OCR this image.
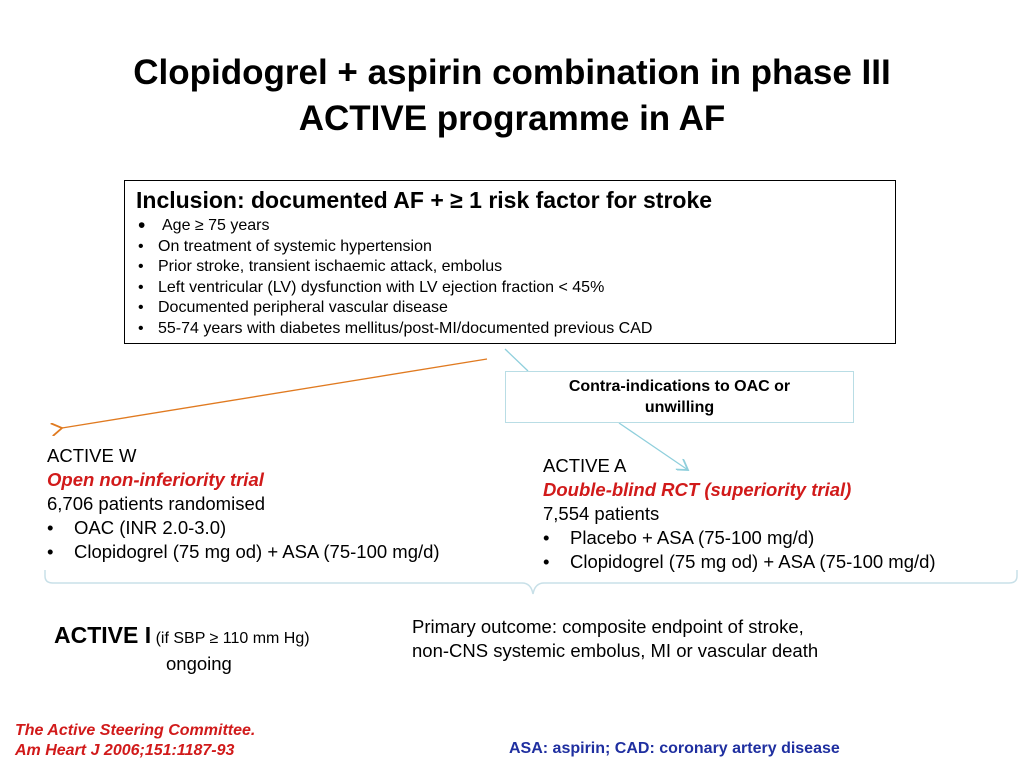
Clopidogrel + aspirin combination in phase III
ACTIVE programme in AF
Inclusion: documented AF + ≥ 1 risk factor for stroke
• Age ≥ 75 years
• On treatment of systemic hypertension
• Prior stroke, transient ischaemic attack, embolus
• Left ventricular (LV) dysfunction with LV ejection fraction < 45%
• Documented peripheral vascular disease
• 55-74 years with diabetes mellitus/post-MI/documented previous CAD
Contra-indications to OAC or
unwilling
ACTIVE W
Open non-inferiority trial
6,706 patients randomised
• OAC (INR 2.0-3.0)
• Clopidogrel (75 mg od) + ASA (75-100 mg/d)
ACTIVE A
Double-blind RCT (superiority trial)
7,554 patients
• Placebo + ASA (75-100 mg/d)
• Clopidogrel (75 mg od) + ASA (75-100 mg/d)
ACTIVE I (if SBP ≥ 110 mm Hg)
ongoing
Primary outcome: composite endpoint of stroke,
non-CNS systemic embolus, MI or vascular death
The Active Steering Committee.
Am Heart J 2006;151:1187-93	ASA: aspirin; CAD: coronary artery disease
